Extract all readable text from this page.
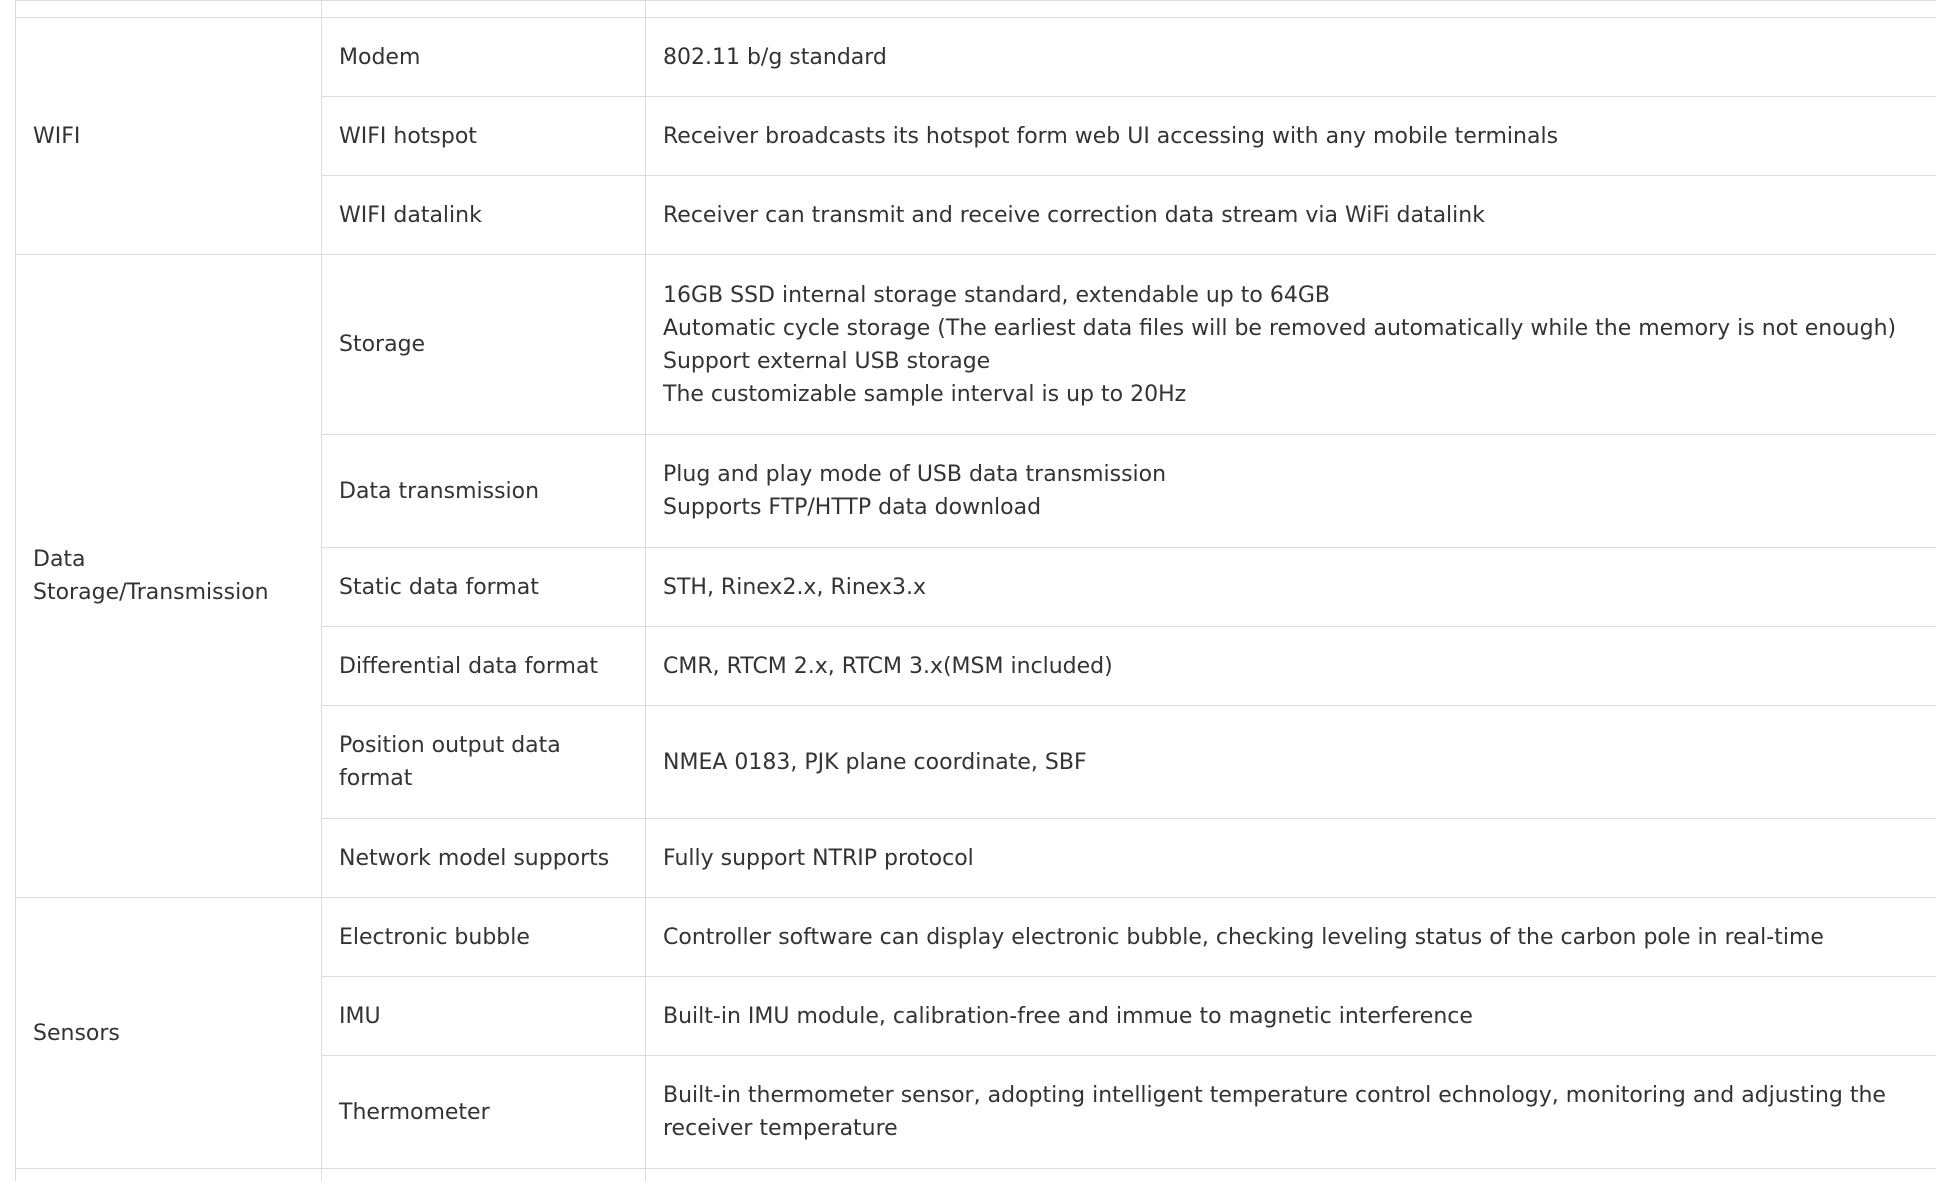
WIFI	Modem	802.11 b/g standard

	WIFI hotspot	Receiver broadcasts its hotspot form web UI accessing with any mobile terminals

	WIFI datalink	Receiver can transmit and receive correction data stream via WiFi datalink

Data Storage/Transmission	Storage	16GB SSD internal storage standard, extendable up to 64GB
Automatic cycle storage (The earliest data files will be removed automatically while the memory is not enough)
Support external USB storage
The customizable sample interval is up to 20Hz

	Data transmission	Plug and play mode of USB data transmission
Supports FTP/HTTP data download

	Static data format	STH, Rinex2.x, Rinex3.x

	Differential data format	CMR, RTCM 2.x, RTCM 3.x(MSM included)

	Position output data format	NMEA 0183, PJK plane coordinate, SBF

	Network model supports	Fully support NTRIP protocol

Sensors	Electronic bubble	Controller software can display electronic bubble, checking leveling status of the carbon pole in real-time

	IMU	Built-in IMU module, calibration-free and immue to magnetic interference

	Thermometer	Built-in thermometer sensor, adopting intelligent temperature control echnology, monitoring and adjusting the receiver temperature
